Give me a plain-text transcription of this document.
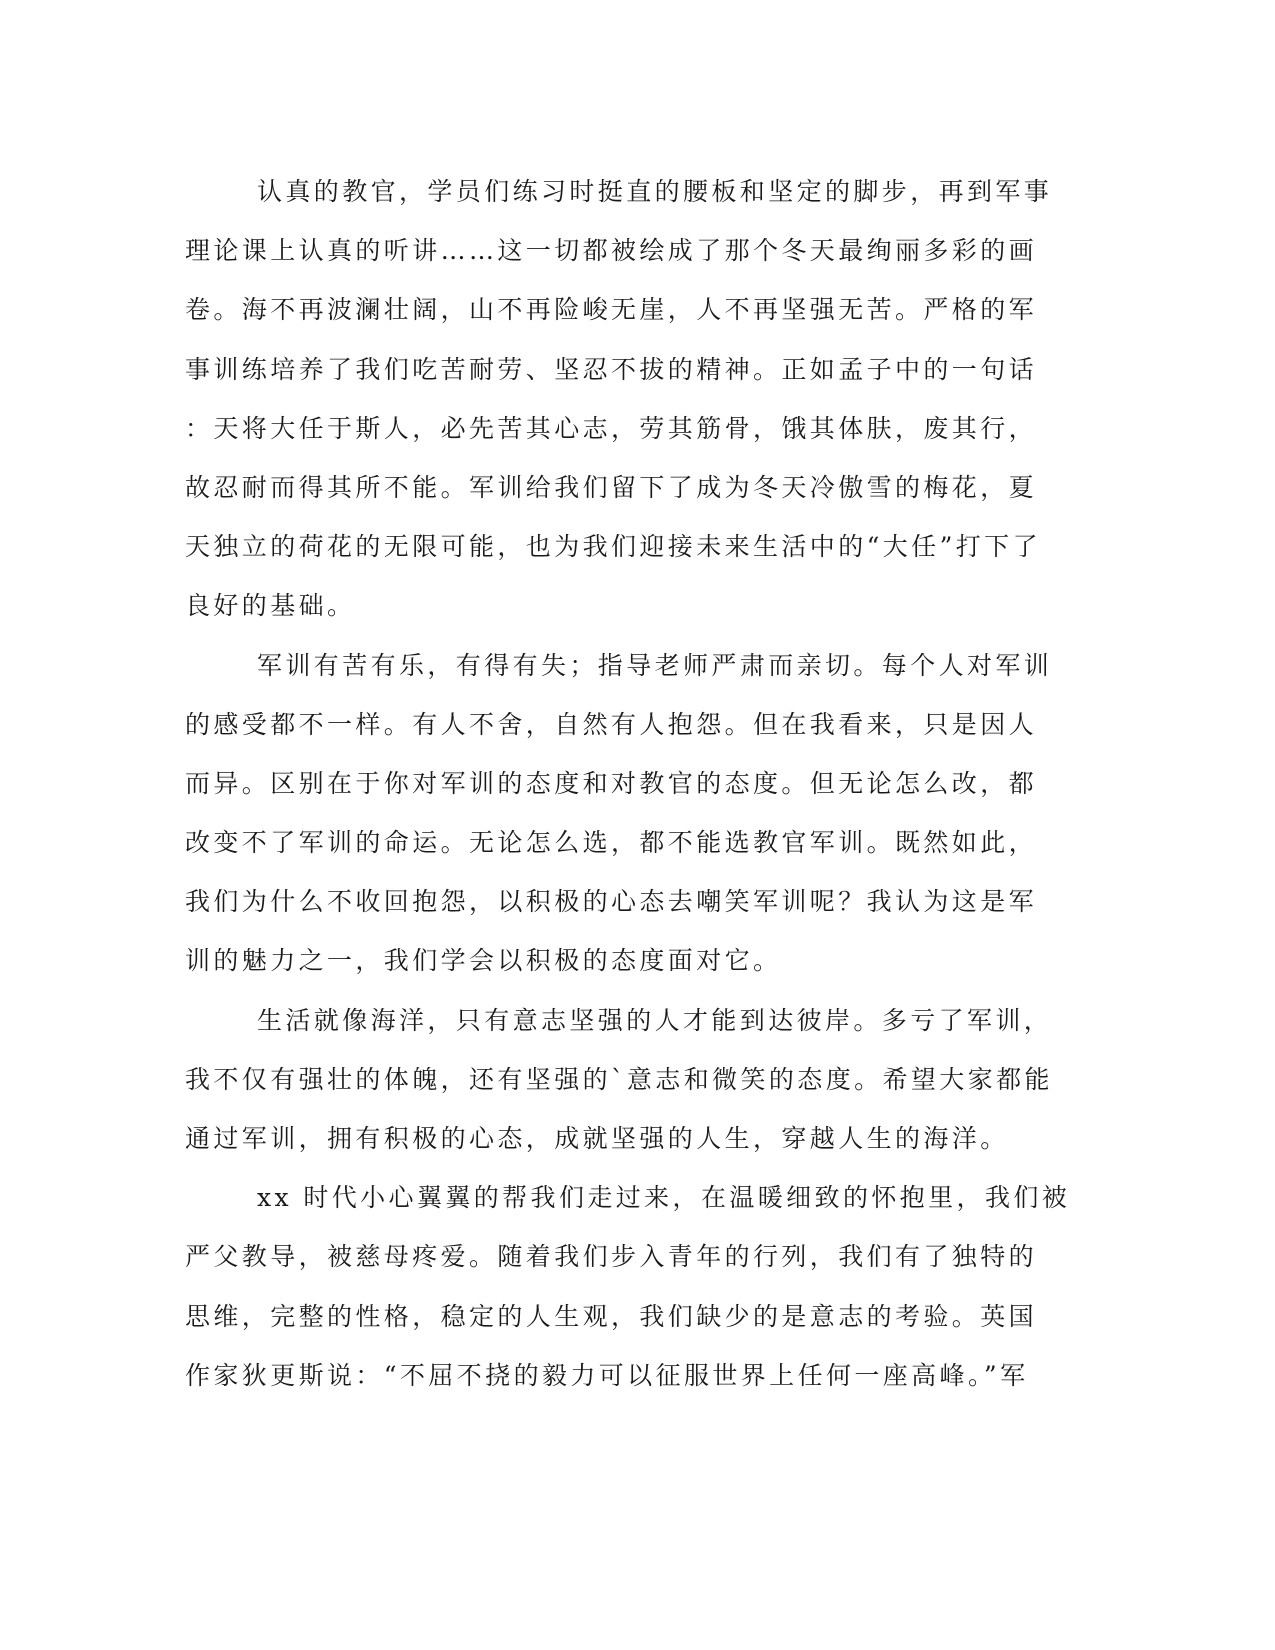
认真的教官，学员们练习时挺直的腰板和坚定的脚步，再到军事
理论课上认真的听讲……这一切都被绘成了那个冬天最绚丽多彩的画
卷。海不再波澜壮阔，山不再险峻无崖，人不再坚强无苦。严格的军
事训练培养了我们吃苦耐劳、坚忍不拔的精神。正如孟子中的一句话
：天将大任于斯人，必先苦其心志，劳其筋骨，饿其体肤，废其行，
故忍耐而得其所不能。军训给我们留下了成为冬天冷傲雪的梅花，夏
天独立的荷花的无限可能，也为我们迎接未来生活中的“大任”打下了
良好的基础。
军训有苦有乐，有得有失；指导老师严肃而亲切。每个人对军训
的感受都不一样。有人不舍，自然有人抱怨。但在我看来，只是因人
而异。区别在于你对军训的态度和对教官的态度。但无论怎么改，都
改变不了军训的命运。无论怎么选，都不能选教官军训。既然如此，
我们为什么不收回抱怨，以积极的心态去嘲笑军训呢？我认为这是军
训的魅力之一，我们学会以积极的态度面对它。
生活就像海洋，只有意志坚强的人才能到达彼岸。多亏了军训，
我不仅有强壮的体魄，还有坚强的`意志和微笑的态度。希望大家都能
通过军训，拥有积极的心态，成就坚强的人生，穿越人生的海洋。
xx 时代小心翼翼的帮我们走过来，在温暖细致的怀抱里，我们被
严父教导，被慈母疼爱。随着我们步入青年的行列，我们有了独特的
思维，完整的性格，稳定的人生观，我们缺少的是意志的考验。英国
作家狄更斯说：“不屈不挠的毅力可以征服世界上任何一座高峰。”军
